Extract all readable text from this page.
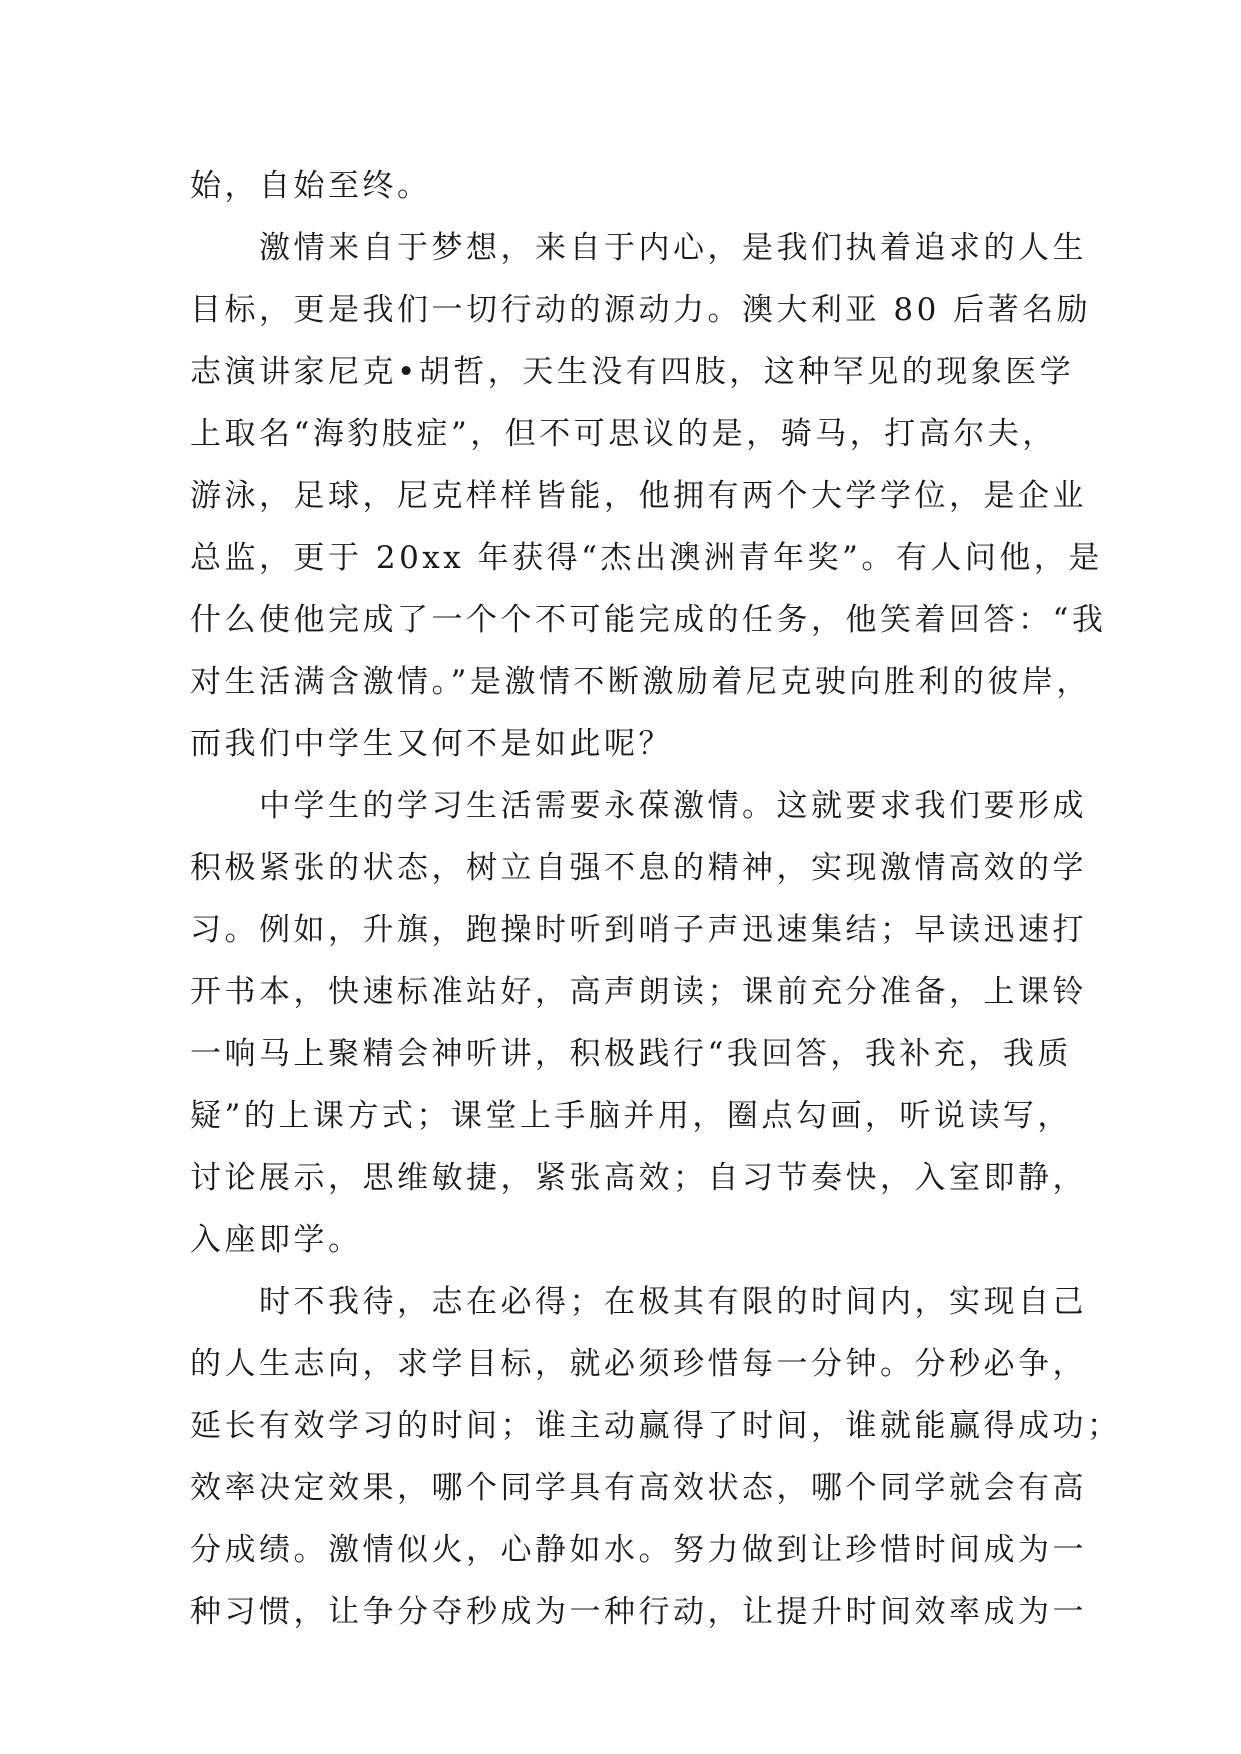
始，自始至终。
　　激情来自于梦想，来自于内心，是我们执着追求的人生
目标，更是我们一切行动的源动力。澳大利亚 80 后著名励
志演讲家尼克•胡哲，天生没有四肢，这种罕见的现象医学
上取名“海豹肢症”，但不可思议的是，骑马，打高尔夫，
游泳，足球，尼克样样皆能，他拥有两个大学学位，是企业
总监，更于 20xx 年获得“杰出澳洲青年奖”。有人问他，是
什么使他完成了一个个不可能完成的任务，他笑着回答：“我
对生活满含激情。”是激情不断激励着尼克驶向胜利的彼岸，
而我们中学生又何不是如此呢？
　　中学生的学习生活需要永葆激情。这就要求我们要形成
积极紧张的状态，树立自强不息的精神，实现激情高效的学
习。例如，升旗，跑操时听到哨子声迅速集结；早读迅速打
开书本，快速标准站好，高声朗读；课前充分准备，上课铃
一响马上聚精会神听讲，积极践行“我回答，我补充，我质
疑”的上课方式；课堂上手脑并用，圈点勾画，听说读写，
讨论展示，思维敏捷，紧张高效；自习节奏快，入室即静，
入座即学。
　　时不我待，志在必得；在极其有限的时间内，实现自己
的人生志向，求学目标，就必须珍惜每一分钟。分秒必争，
延长有效学习的时间；谁主动赢得了时间，谁就能赢得成功；
效率决定效果，哪个同学具有高效状态，哪个同学就会有高
分成绩。激情似火，心静如水。努力做到让珍惜时间成为一
种习惯，让争分夺秒成为一种行动，让提升时间效率成为一
